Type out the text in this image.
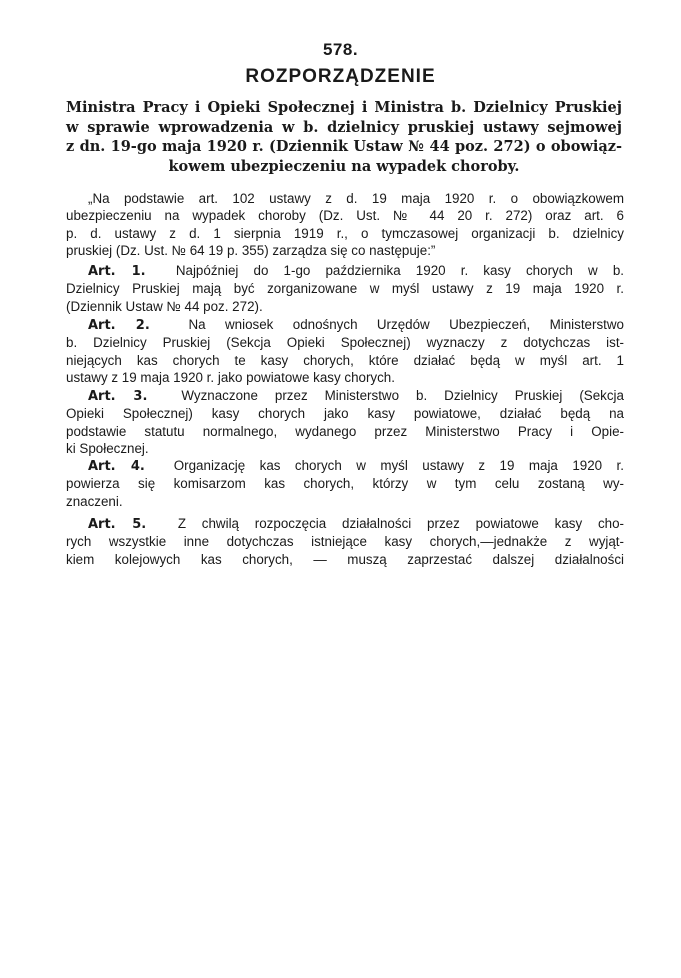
578.
ROZPORZĄDZENIE
Ministra Pracy i Opieki Społecznej i Ministra b. Dzielnicy Pruskiej
w sprawie wprowadzenia w b. dzielnicy pruskiej ustawy sejmowej
z dn. 19-go maja 1920 r. (Dziennik Ustaw № 44 poz. 272) o obowiąz-
kowem ubezpieczeniu na wypadek choroby.
„Na podstawie art. 102 ustawy z d. 19 maja 1920 r. o obowiązkowem
ubezpieczeniu na wypadek choroby (Dz. Ust. № 44 20 r. 272) oraz art. 6
p. d. ustawy z d. 1 sierpnia 1919 r., o tymczasowej organizacji b. dzielnicy
pruskiej (Dz. Ust. № 64 19 p. 355) zarządza się co następuje:”
Art. 1. Najpóźniej do 1-go października 1920 r. kasy chorych w b.
Dzielnicy Pruskiej mają być zorganizowane w myśl ustawy z 19 maja 1920 r.
(Dziennik Ustaw № 44 poz. 272).
Art. 2.	Na wniosek odnośnych Urzędów Ubezpieczeń, Ministerstwo
b. Dzielnicy Pruskiej (Sekcja Opieki Społecznej) wyznaczy z dotychczas ist-
niejących kas chorych te kasy chorych, które działać będą w myśl art. 1
ustawy z 19 maja 1920 r. jako powiatowe kasy chorych.
Art. 3.	Wyznaczone przez Ministerstwo b. Dzielnicy Pruskiej (Sekcja
Opieki Społecznej) kasy chorych jako kasy powiatowe, działać będą na
podstawie statutu normalnego, wydanego przez Ministerstwo Pracy i Opie-
ki Społecznej.
Art. 4. Organizację kas chorych w myśl ustawy z 19 maja 1920 r.
powierza się komisarzom kas chorych, którzy w tym celu zostaną wy-
znaczeni.
Art. 5. Z chwilą rozpoczęcia działalności przez powiatowe kasy cho-
rych wszystkie inne dotychczas istniejące kasy chorych,—jednakże z wyjąt-
kiem kolejowych kas chorych, — muszą zaprzestać dalszej działalności
